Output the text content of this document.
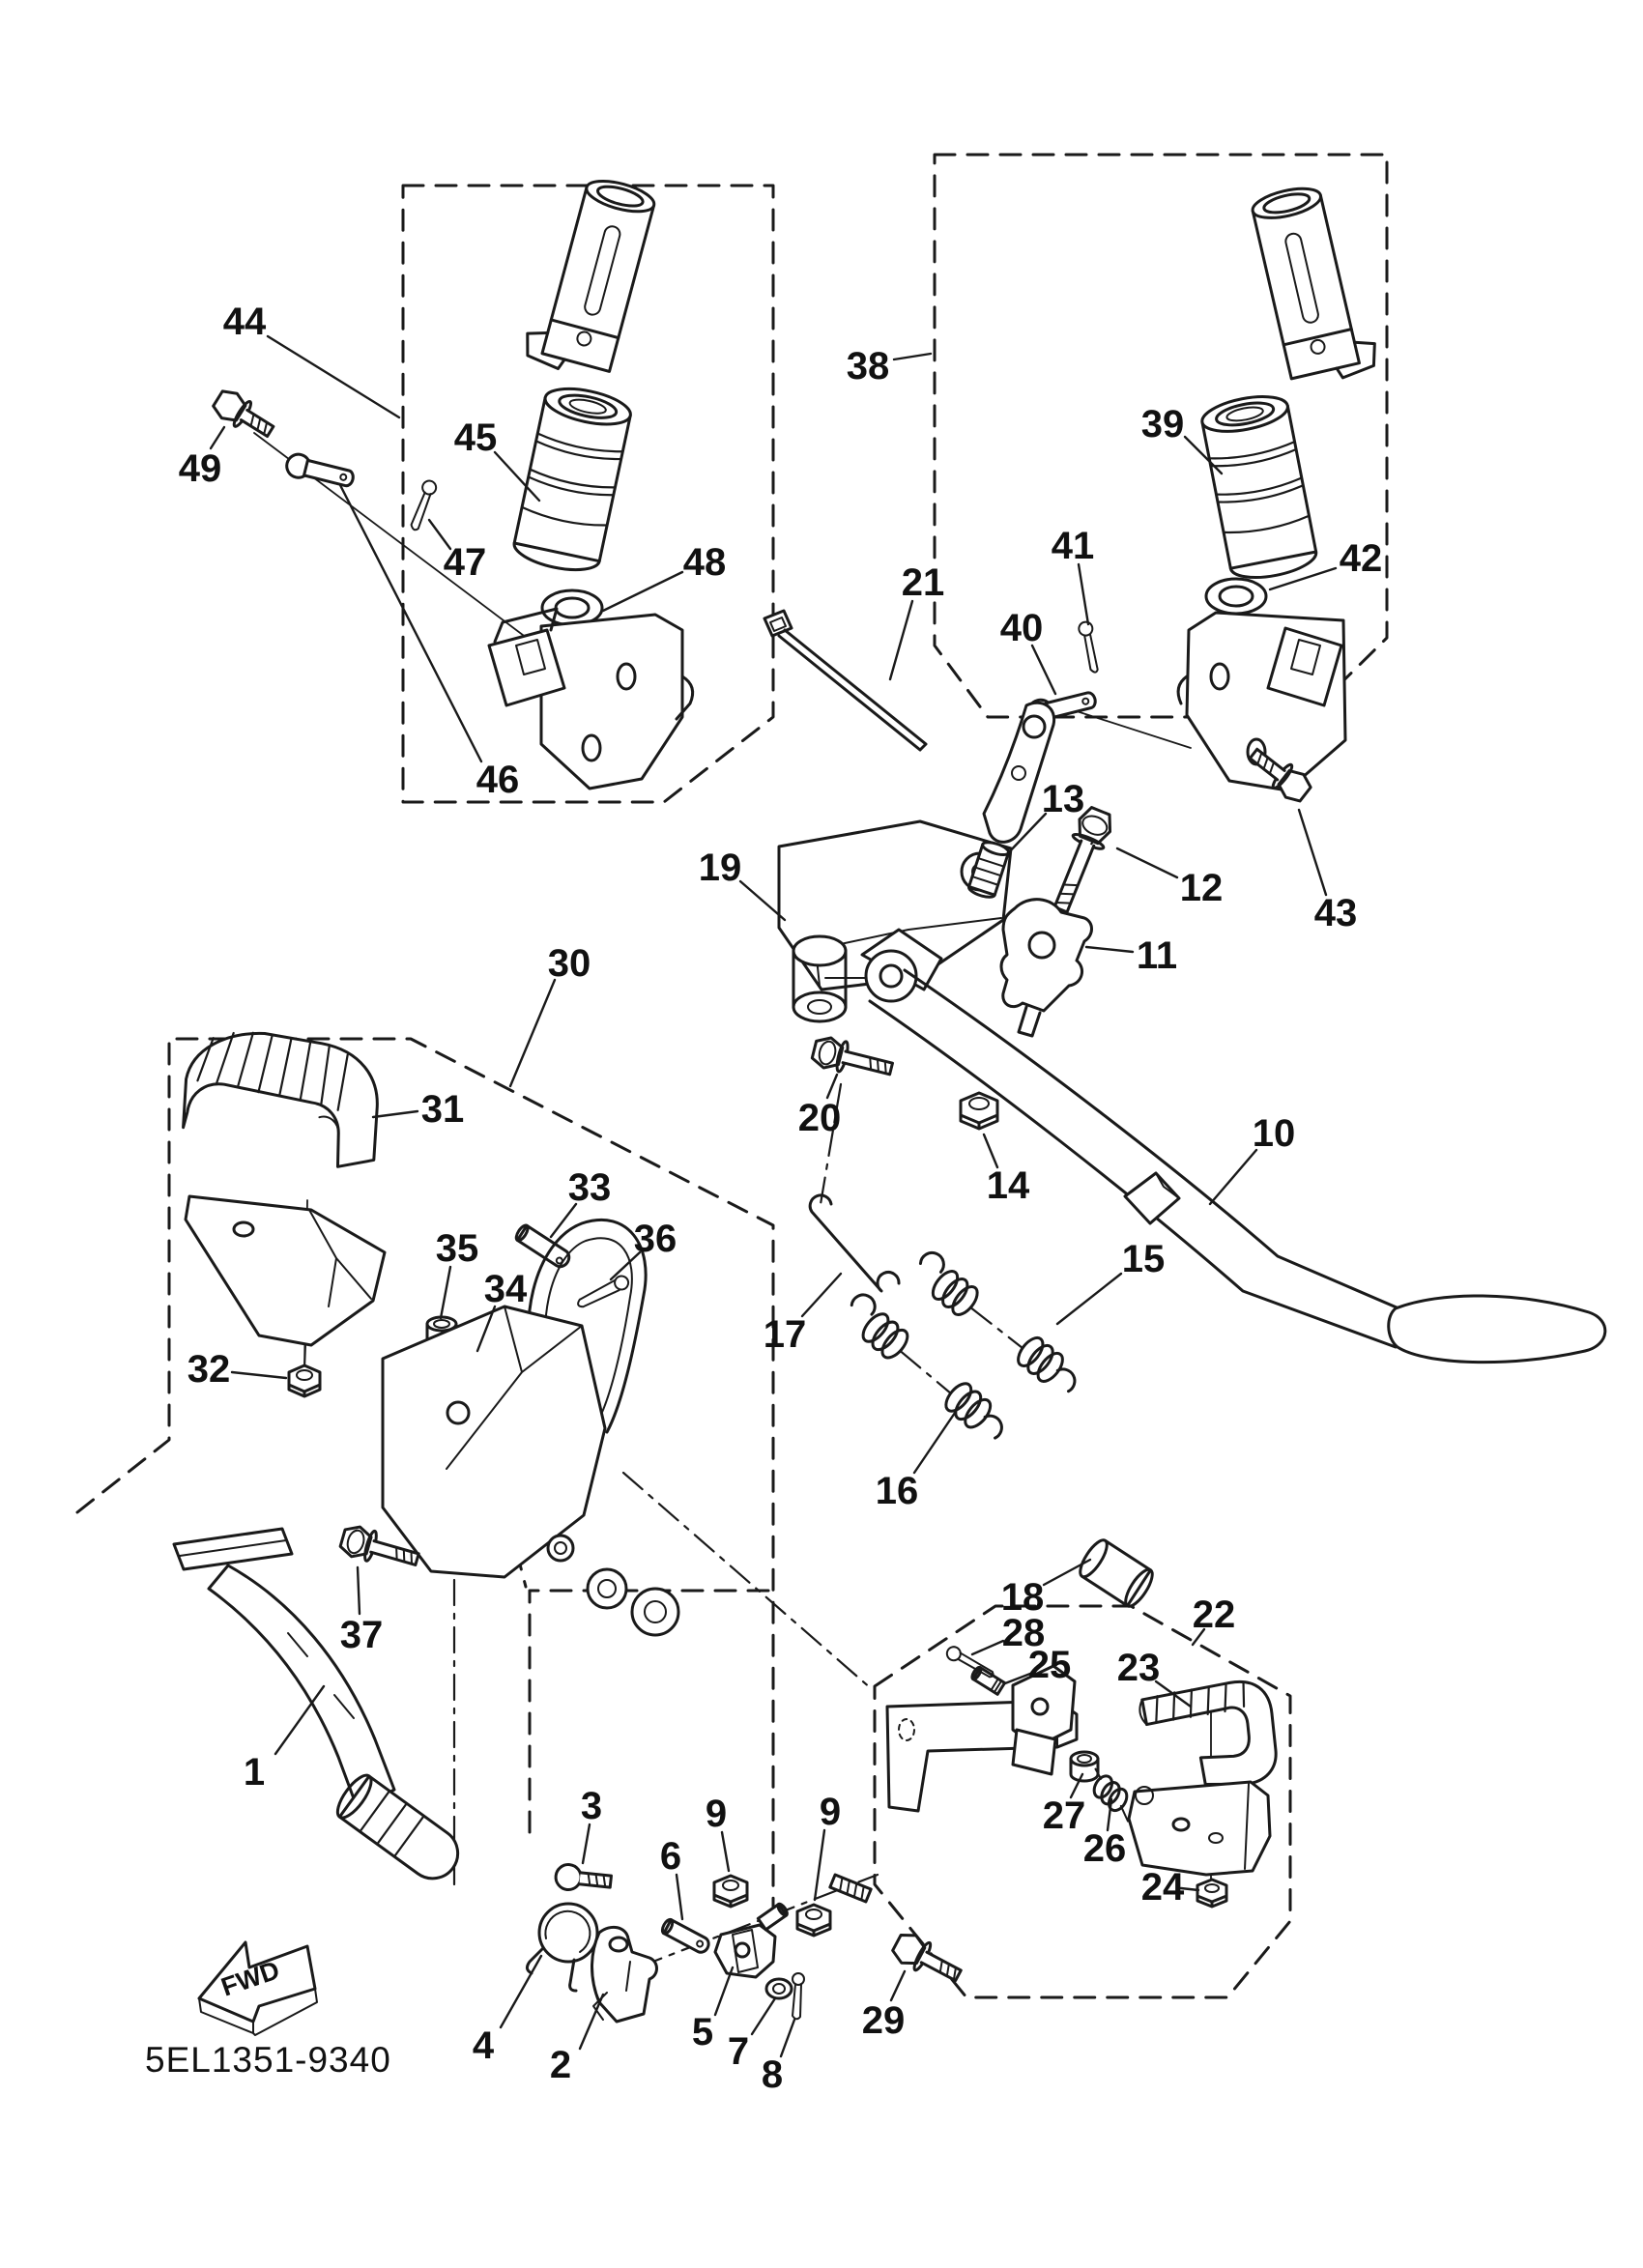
FWD
5EL1351-9340
1
2
3
4	5
6
7
8
9 9
10
11
12
13
14
15
16
17
18
19
20
21
22
23
24
25
26
27
28
29
30
31
32
33
34
35	36
37
38
39
40
41	42
43
44
45
46
47	48
49
